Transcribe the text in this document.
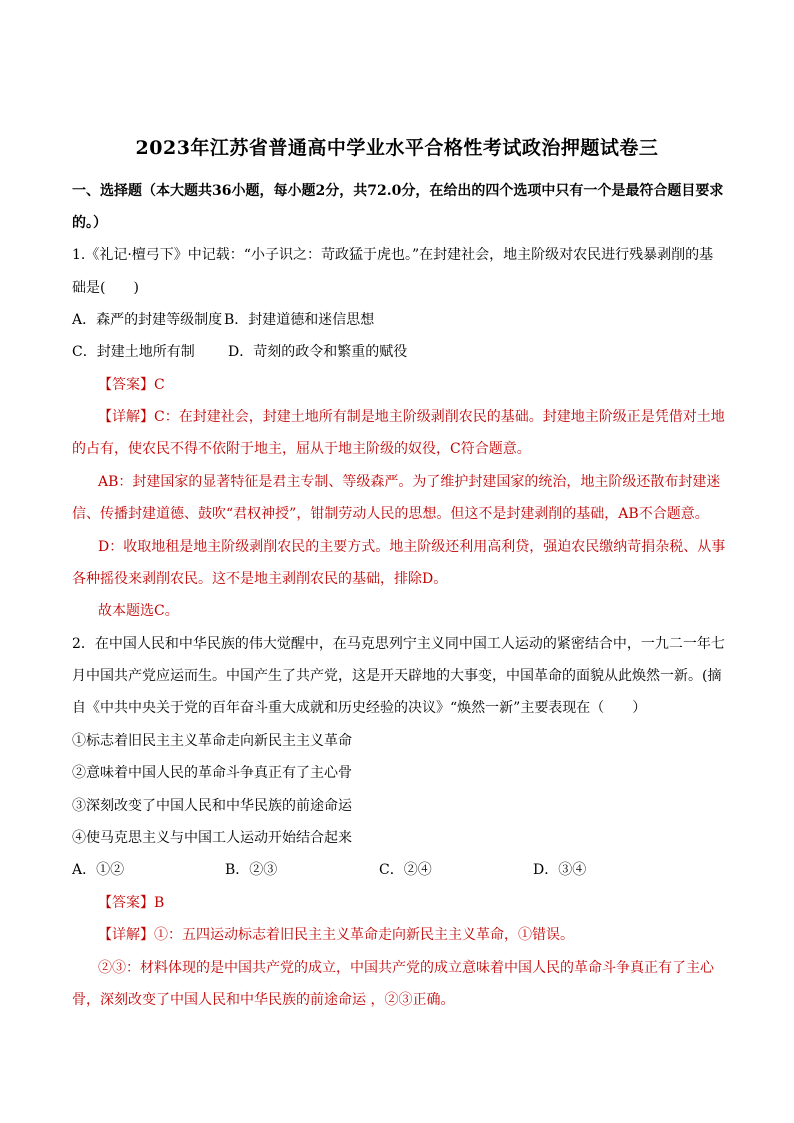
2023年江苏省普通高中学业水平合格性考试政治押题试卷三
一、选择题（本大题共36小题，每小题2分，共72.0分，在给出的四个选项中只有一个是最符合题目要求
的。）
1.《礼记·檀弓下》中记载：“小子识之：苛政猛于虎也。”在封建社会，地主阶级对农民进行残暴剥削的基
础是(　　)
A．森严的封建等级制度 B．封建道德和迷信思想
C．封建土地所有制 D．苛刻的政令和繁重的赋役
【答案】C
【详解】C：在封建社会，封建土地所有制是地主阶级剥削农民的基础。封建地主阶级正是凭借对土地
的占有，使农民不得不依附于地主，屈从于地主阶级的奴役，C符合题意。
AB：封建国家的显著特征是君主专制、等级森严。为了维护封建国家的统治，地主阶级还散布封建迷
信、传播封建道德、鼓吹“君权神授”，钳制劳动人民的思想。但这不是封建剥削的基础，AB不合题意。
D：收取地租是地主阶级剥削农民的主要方式。地主阶级还利用高利贷，强迫农民缴纳苛捐杂税、从事
各种摇役来剥削农民。这不是地主剥削农民的基础，排除D。
故本题选C。
2．在中国人民和中华民族的伟大觉醒中，在马克思列宁主义同中国工人运动的紧密结合中，一九二一年七
月中国共产党应运而生。中国产生了共产党，这是开天辟地的大事变，中国革命的面貌从此焕然一新。(摘
自《中共中央关于党的百年奋斗重大成就和历史经验的决议》“焕然一新”主要表现在（　　）
①标志着旧民主主义革命走向新民主主义革命
②意味着中国人民的革命斗争真正有了主心骨
③深刻改变了中国人民和中华民族的前途命运
④使马克思主义与中国工人运动开始结合起来
A．①②	B．②③	C．②④	D．③④
【答案】B
【详解】①：五四运动标志着旧民主主义革命走向新民主主义革命，①错误。
②③：材料体现的是中国共产党的成立，中国共产党的成立意味着中国人民的革命斗争真正有了主心
骨，深刻改变了中国人民和中华民族的前途命运 ，②③正确。
